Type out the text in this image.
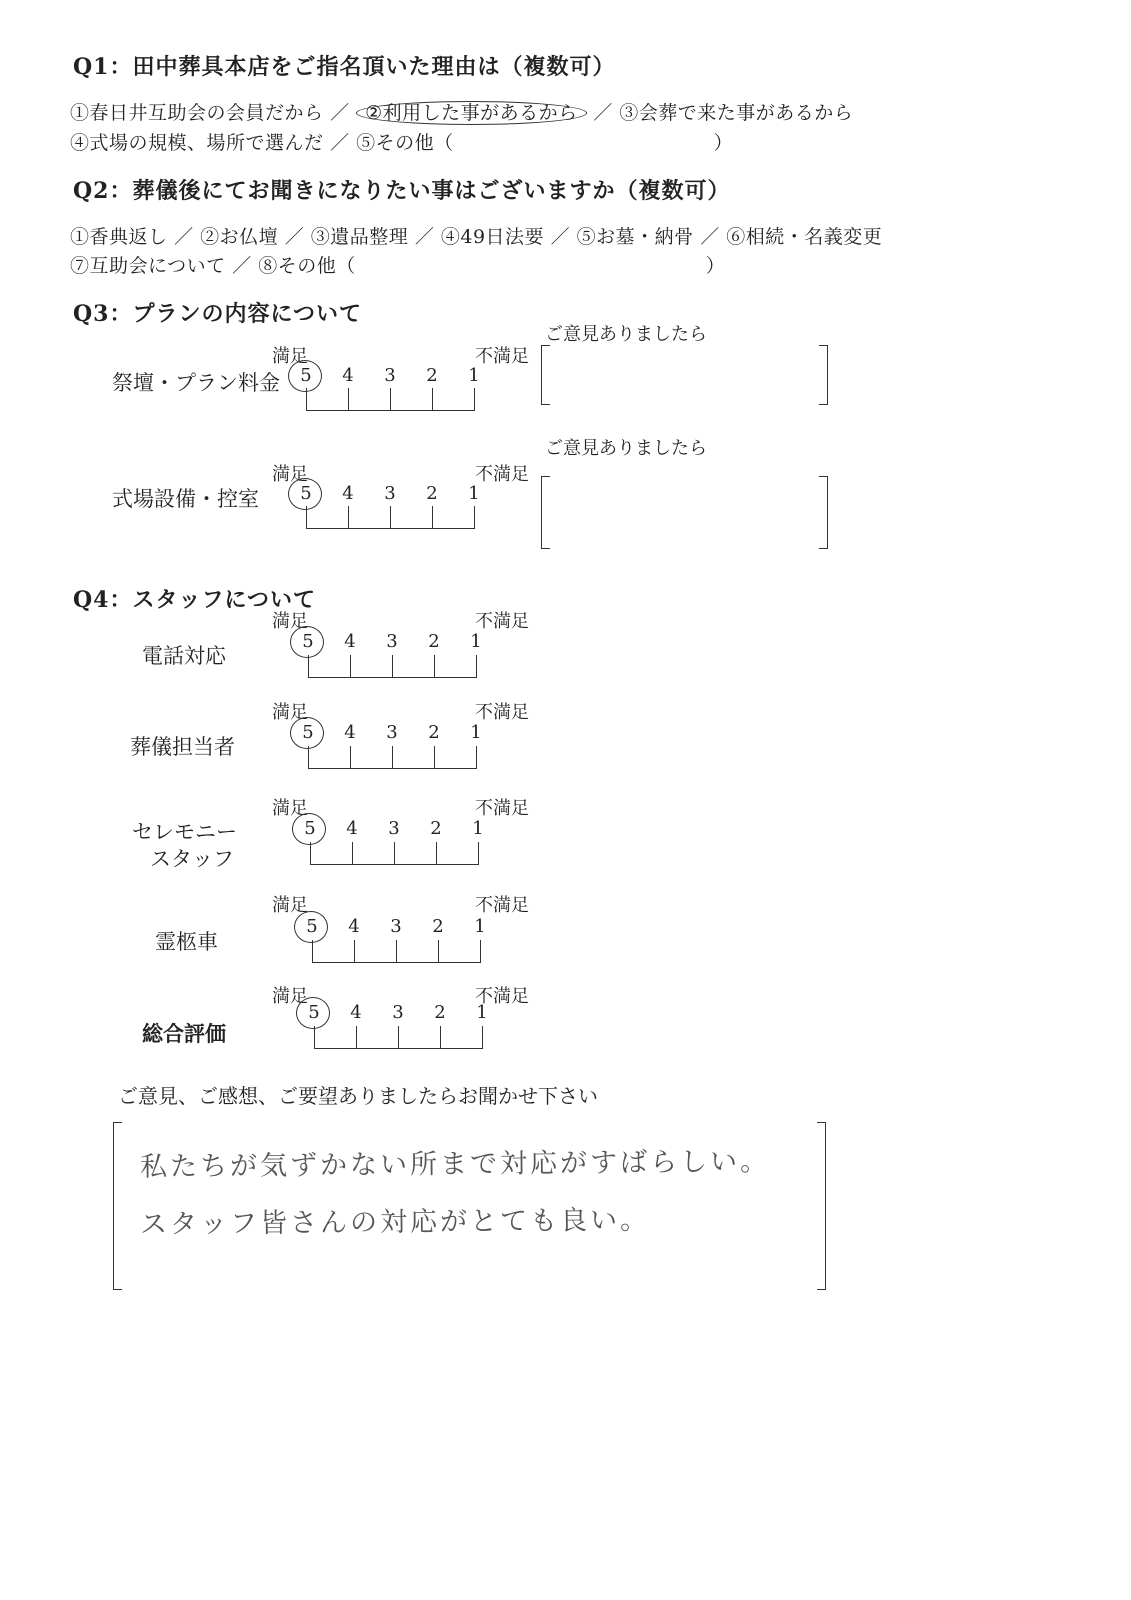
Q1：田中葬具本店をご指名頂いた理由は（複数可）
①春日井互助会の会員だから ／ ②利用した事があるから ／ ③会葬で来た事があるから
④式場の規模、場所で選んだ ／ ⑤その他（	）
Q2：葬儀後にてお聞きになりたい事はございますか（複数可）
①香典返し ／ ②お仏壇 ／ ③遺品整理 ／ ④49日法要 ／ ⑤お墓・納骨 ／ ⑥相続・名義変更
⑦互助会について ／ ⑧その他（	）
Q3：プランの内容について
祭壇・プラン料金
満足	不満足
5 4 3 2 1
ご意見ありましたら
式場設備・控室
満足	不満足
5 4 3 2 1
ご意見ありましたら
Q4：スタッフについて
電話対応
満足	不満足
5 4 3 2 1
葬儀担当者
満足	不満足
5 4 3 2 1
セレモニー
スタッフ
満足	不満足
5 4 3 2 1
霊柩車
満足	不満足
5 4 3 2 1
総合評価
満足	不満足
5 4 3 2 1
ご意見、ご感想、ご要望ありましたらお聞かせ下さい
私たちが気ずかない所まで対応がすばらしい。
スタッフ皆さんの対応がとても良い。
